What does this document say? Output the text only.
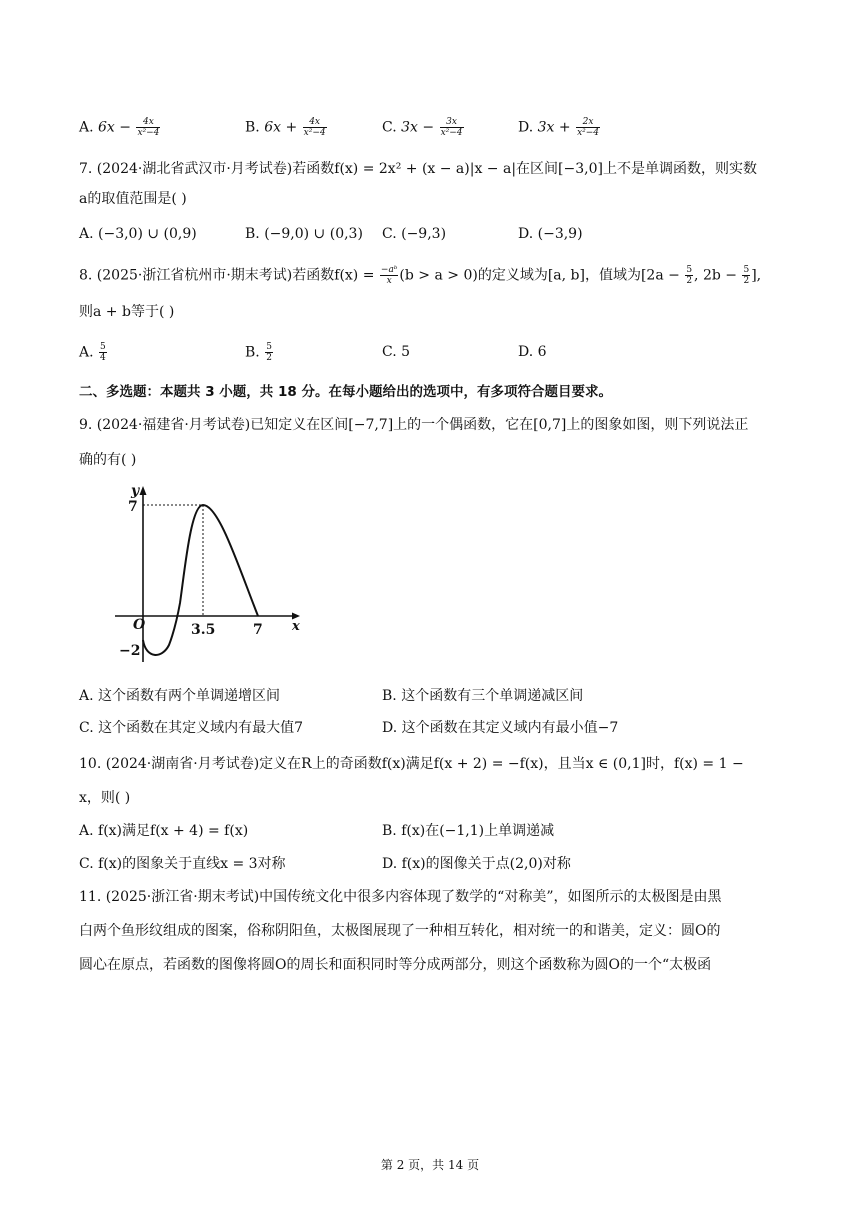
A. $6x - \frac{4x}{\text{x²−4}}$	B. $6x + \frac{4x}{\text{x²−4}}$	C. $3x - \frac{3x}{\text{x²−4}}$	D. $3x + \frac{2x}{\text{x²−4}}$
7. (2024·湖北省武汉市·月考试卷)若函数f(x) = 2x² + (x − a)|x − a|在区间[−3,0]上不是单调函数，则实数
a的取值范围是( )
A. (−3,0) ∪ (0,9)	B. (−9,0) ∪ (0,3) C. (−9,3)	D. (−3,9)
8. (2025·浙江省杭州市·期末考试)若函数$f(x) = \frac{\text{−aᵇ}}{x} (b > a > 0)$的定义域为[a, b]，值域为[$2a - \frac{5}{2}$ , $2b - \frac{5}{2}$ ],
则a + b等于( )
A. $\frac{5}{4}$	B. $\frac{5}{2}$	C. 5	D. 6
二、多选题：本题共 3 小题，共 18 分。在每小题给出的选项中，有多项符合题目要求。
9. (2024·福建省·月考试卷)已知定义在区间[−7,7]上的一个偶函数，它在[0,7]上的图象如图，则下列说法正
确的有( )
y
x
O
7
−2
3.5	7
A. 这个函数有两个单调递增区间	B. 这个函数有三个单调递减区间
C. 这个函数在其定义域内有最大值7	D. 这个函数在其定义域内有最小值−7
10. (2024·湖南省·月考试卷)定义在R上的奇函数f(x)满足f(x + 2) = −f(x)，且当x ∈ (0,1]时，f(x) = 1 −
x，则( )
A. f(x)满足f(x + 4) = f(x)	B. f(x)在(−1,1)上单调递减
C. f(x)的图象关于直线x = 3对称	D. f(x)的图像关于点(2,0)对称
11. (2025·浙江省·期末考试)中国传统文化中很多内容体现了数学的“对称美”，如图所示的太极图是由黑
白两个鱼形纹组成的图案，俗称阴阳鱼，太极图展现了一种相互转化，相对统一的和谐美，定义：圆O的
圆心在原点，若函数的图像将圆O的周长和面积同时等分成两部分，则这个函数称为圆O的一个“太极函
第 2 页，共 14 页
